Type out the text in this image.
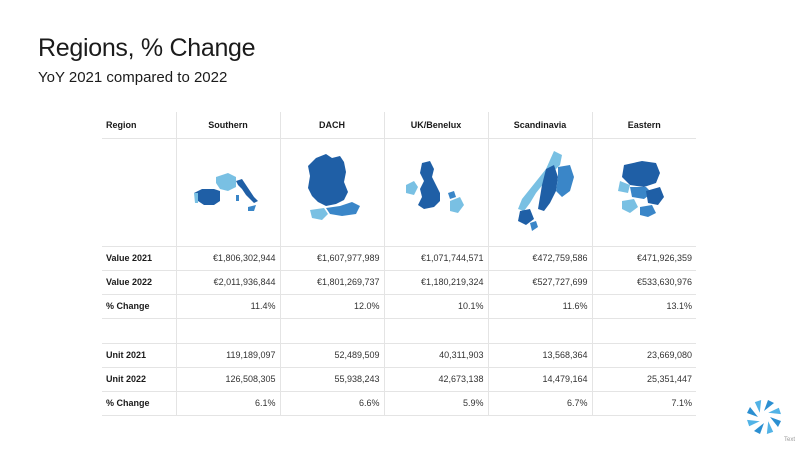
Regions, % Change
YoY 2021 compared to 2022
Region	Southern	DACH	UK/Benelux	Scandinavia	Eastern

Value 2021	€1,806,302,944	€1,607,977,989	€1,071,744,571	€472,759,586	€471,926,359
Value 2022	€2,011,936,844	€1,801,269,737	€1,180,219,324	€527,727,699	€533,630,976
% Change	11.4%	12.0%	10.1%	11.6%	13.1%

Unit 2021	119,189,097	52,489,509	40,311,903	13,568,364	23,669,080
Unit 2022	126,508,305	55,938,243	42,673,138	14,479,164	25,351,447
% Change	6.1%	6.6%	5.9%	6.7%	7.1%
Text
